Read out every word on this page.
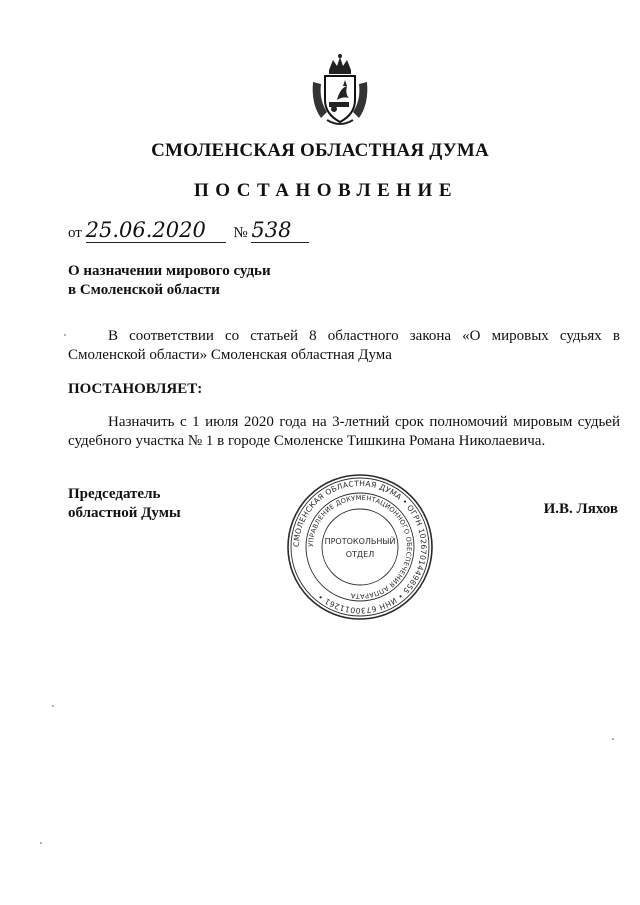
СМОЛЕНСКАЯ ОБЛАСТНАЯ ДУМА
ПОСТАНОВЛЕНИЕ
от 25.06.2020 № 538
О назначении мирового судьи
в Смоленской области
В соответствии со статьей 8 областного закона «О мировых судьях в Смоленской области» Смоленская областная Дума
ПОСТАНОВЛЯЕТ:
Назначить с 1 июля 2020 года на 3-летний срок полномочий мировым судьей судебного участка № 1 в городе Смоленске Тишкина Романа Николаевича.
Председатель
областной Думы	И.В. Ляхов
СМОЛЕНСКАЯ ОБЛАСТНАЯ ДУМА • ОГРН 1026701449855 • ИНН 6730011261 •
УПРАВЛЕНИЕ ДОКУМЕНТАЦИОННОГО ОБЕСПЕЧЕНИЯ АППАРАТА
ПРОТОКОЛЬНЫЙ
ОТДЕЛ
